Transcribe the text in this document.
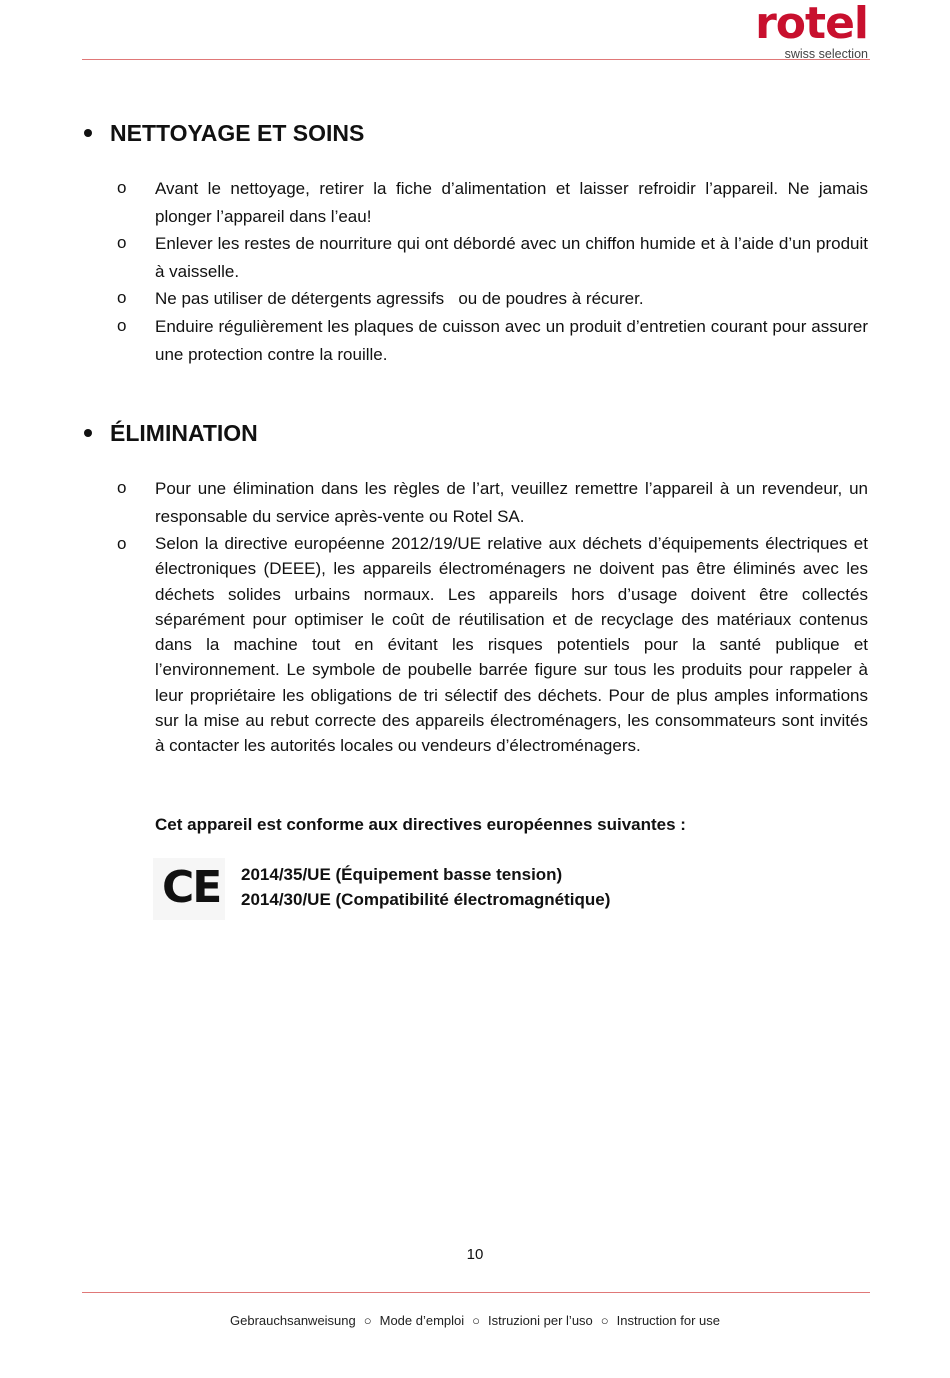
rotel
swiss selection
NETTOYAGE ET SOINS
o Avant le nettoyage, retirer la fiche d’alimentation et laisser refroidir l’appareil. Ne jamais plonger l’appareil dans l’eau!
o Enlever les restes de nourriture qui ont débordé avec un chiffon humide et à l’aide d’un produit à vaisselle.
o Ne pas utiliser de détergents agressifs   ou de poudres à récurer.
o Enduire régulièrement les plaques de cuisson avec un produit d’entretien courant pour assurer une protection contre la rouille.
ÉLIMINATION
o Pour une élimination dans les règles de l’art, veuillez remettre l’appareil à un revendeur, un responsable du service après-vente ou Rotel SA.
o Selon la directive européenne 2012/19/UE relative aux déchets d’équipements électriques et électroniques (DEEE), les appareils électroménagers ne doivent pas être éliminés avec les déchets solides urbains normaux. Les appareils hors d’usage doivent être collectés séparément pour optimiser le coût de réutilisation et de recyclage des matériaux contenus dans la machine tout en évitant les risques potentiels pour la santé publique et l’environnement. Le symbole de poubelle barrée figure sur tous les produits pour rappeler à leur propriétaire les obligations de tri sélectif des déchets. Pour de plus amples informations sur la mise au rebut correcte des appareils électroménagers, les consommateurs sont invités à contacter les autorités locales ou vendeurs d’électroménagers.
Cet appareil est conforme aux directives européennes suivantes :
CE 2014/35/UE (Équipement basse tension)
2014/30/UE (Compatibilité électromagnétique)
10
Gebrauchsanweisung ○ Mode d’emploi ○ Istruzioni per l’uso ○ Instruction for use
